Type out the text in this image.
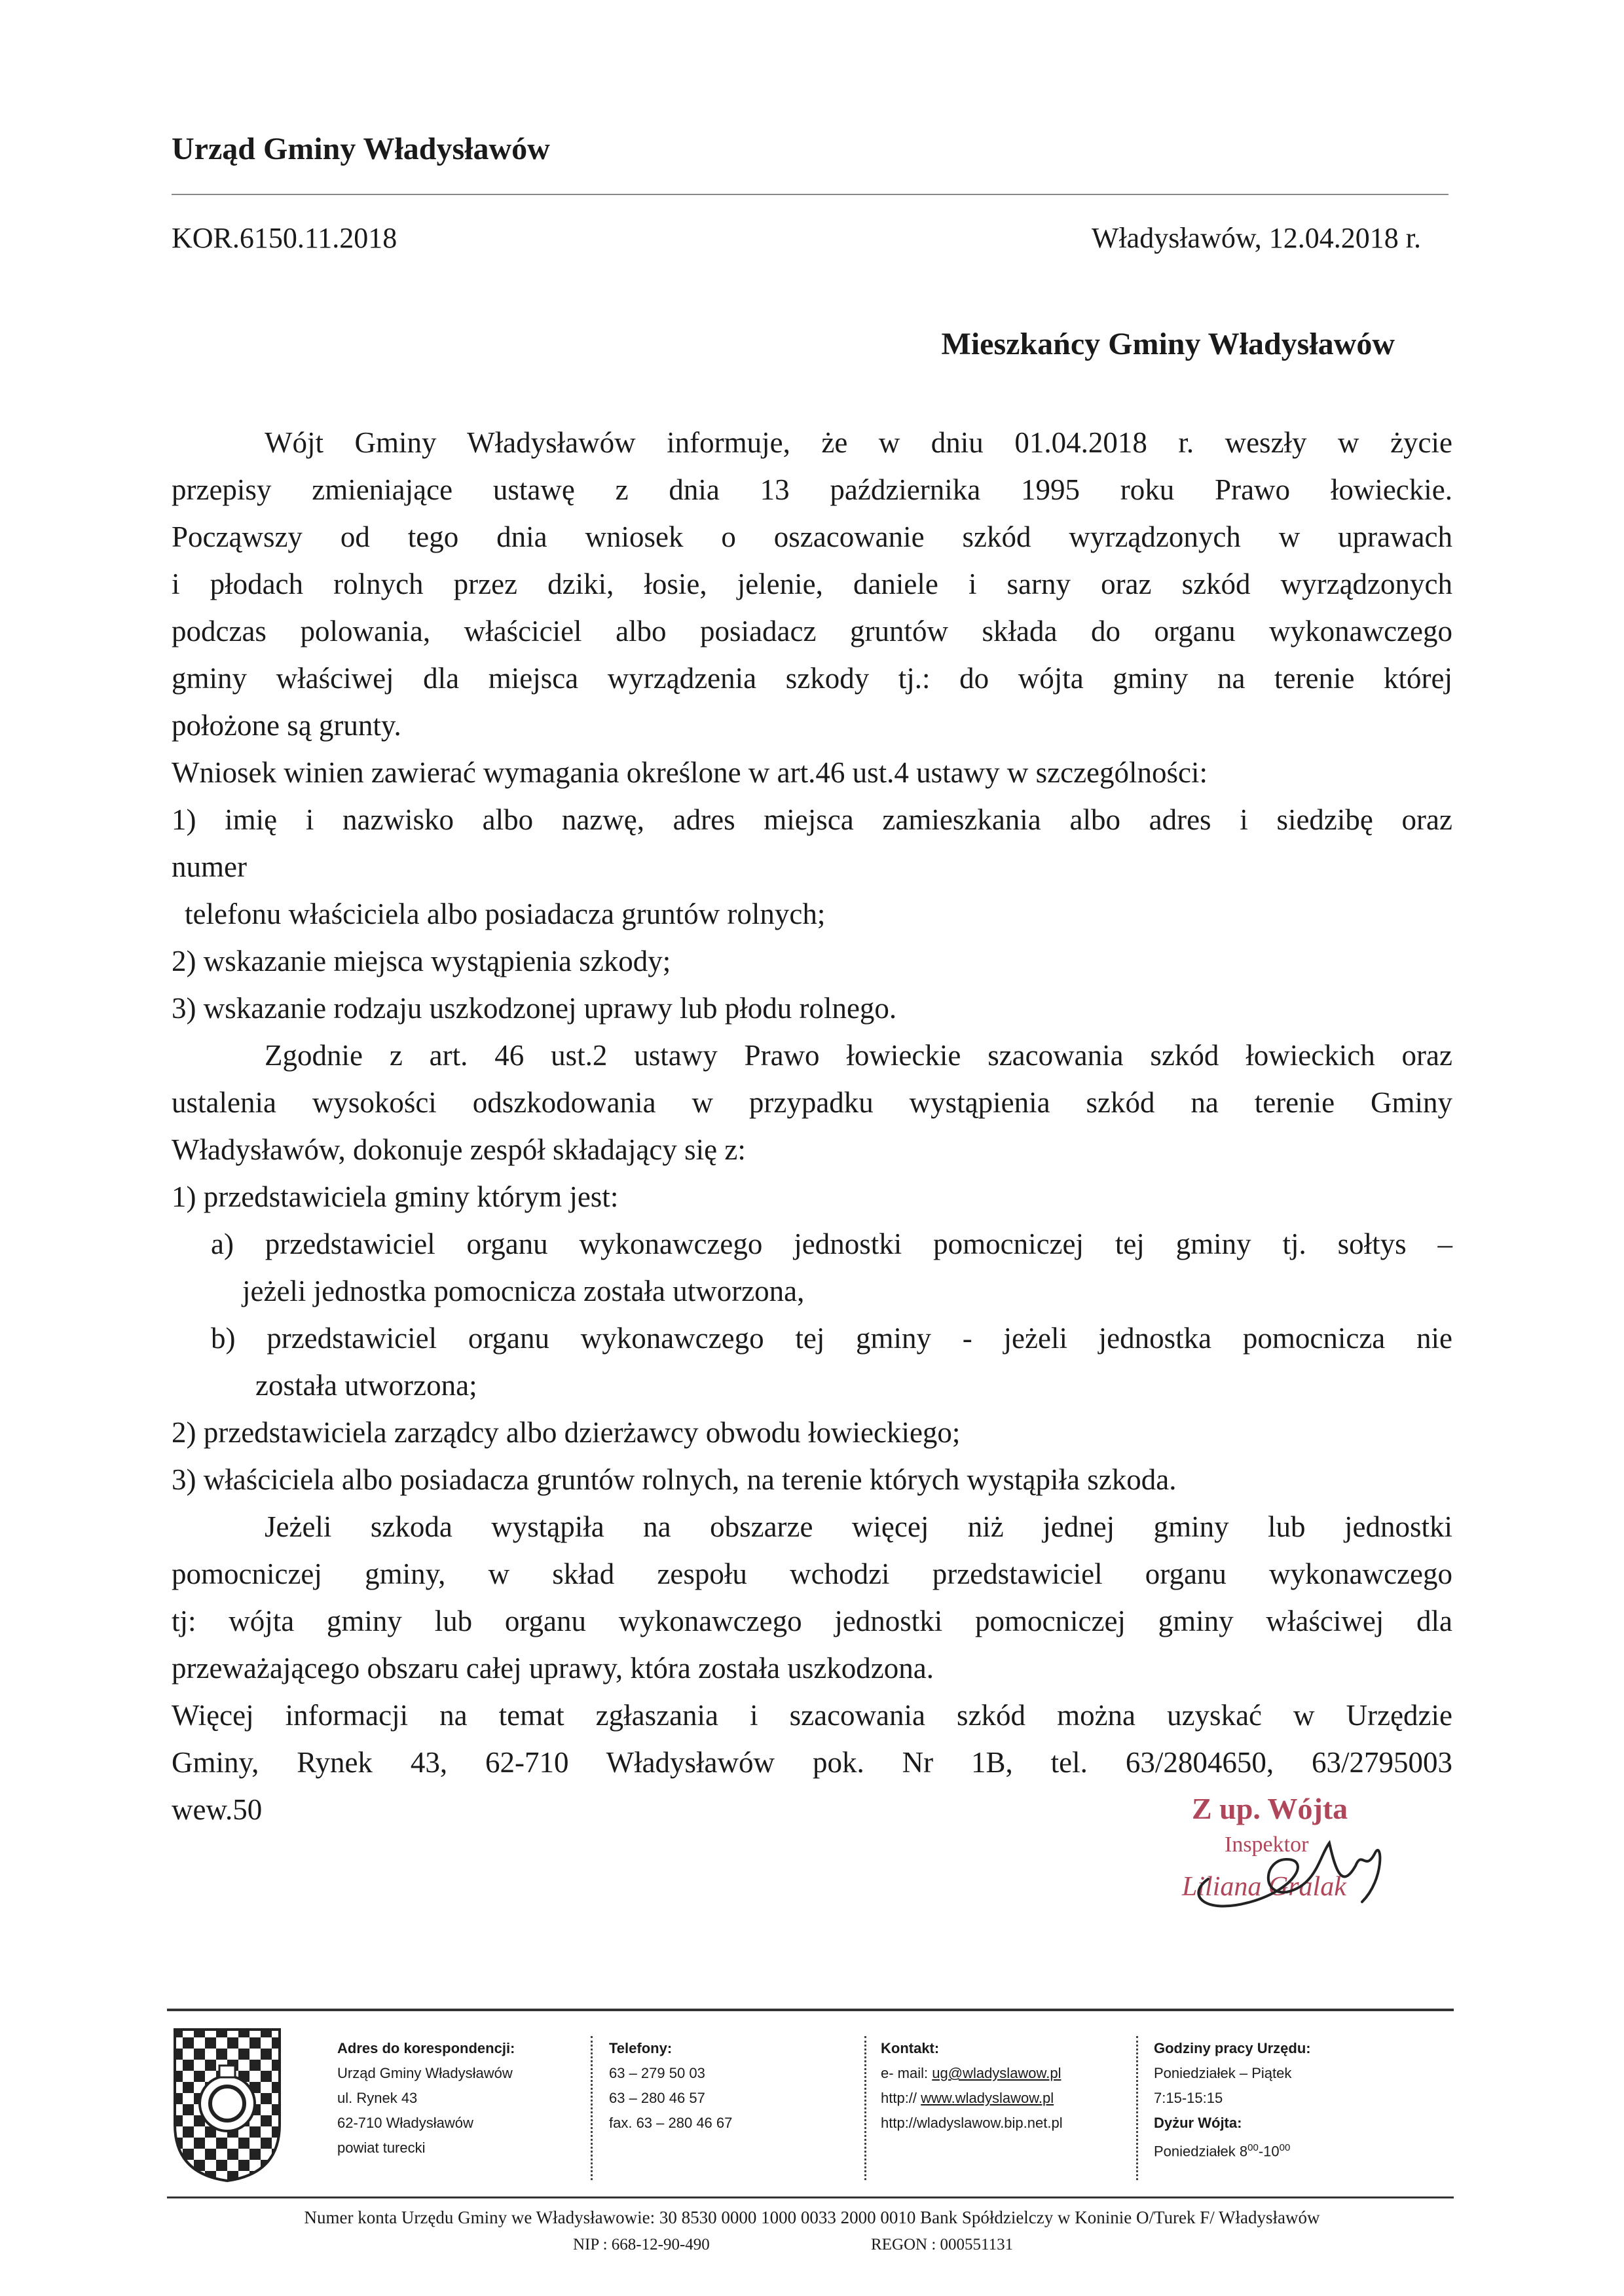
Urząd Gminy Władysławów
KOR.6150.11.2018	Władysławów, 12.04.2018 r.
Mieszkańcy Gminy Władysławów

Wójt Gminy Władysławów informuje, że w dniu 01.04.2018 r. weszły w życie

przepisy zmieniające ustawę z dnia 13 października 1995 roku Prawo łowieckie.

Począwszy od tego dnia wniosek o oszacowanie szkód wyrządzonych w uprawach

i płodach rolnych przez dziki, łosie, jelenie, daniele i sarny oraz szkód wyrządzonych

podczas polowania, właściciel albo posiadacz gruntów składa do organu wykonawczego

gminy właściwej dla miejsca wyrządzenia szkody tj.: do wójta gminy na terenie której

położone są grunty.

Wniosek winien zawierać wymagania określone w art.46 ust.4 ustawy w szczególności:

1) imię i nazwisko albo nazwę, adres miejsca zamieszkania albo adres i siedzibę oraz

numer

telefonu właściciela albo posiadacza gruntów rolnych;

2) wskazanie miejsca wystąpienia szkody;

3) wskazanie rodzaju uszkodzonej uprawy lub płodu rolnego.

Zgodnie z art. 46 ust.2 ustawy Prawo łowieckie szacowania szkód łowieckich oraz

ustalenia wysokości odszkodowania w przypadku wystąpienia szkód na terenie Gminy

Władysławów, dokonuje zespół składający się z:

1) przedstawiciela gminy którym jest:

a) przedstawiciel organu wykonawczego jednostki pomocniczej tej gminy tj. sołtys –

jeżeli jednostka pomocnicza została utworzona,

b) przedstawiciel organu wykonawczego tej gminy - jeżeli jednostka pomocnicza nie

została utworzona;

2) przedstawiciela zarządcy albo dzierżawcy obwodu łowieckiego;

3) właściciela albo posiadacza gruntów rolnych, na terenie których wystąpiła szkoda.

Jeżeli szkoda wystąpiła na obszarze więcej niż jednej gminy lub jednostki

pomocniczej gminy, w skład zespołu wchodzi przedstawiciel organu wykonawczego

tj: wójta gminy lub organu wykonawczego jednostki pomocniczej gminy właściwej dla

przeważającego obszaru całej uprawy, która została uszkodzona.

Więcej informacji na temat zgłaszania i szacowania szkód można uzyskać w Urzędzie

Gminy, Rynek 43, 62-710 Władysławów pok. Nr 1B, tel. 63/2804650, 63/2795003

wew.50	Z up. Wójta
Inspektor
Liliana Gralak
Adres do korespondencji:
Urząd Gminy Władysławów
ul. Rynek 43
62-710 Władysławów
powiat turecki
Telefony:
63 – 279 50 03
63 – 280 46 57
fax. 63 – 280 46 67
Kontakt:
e- mail: ug@wladyslawow.pl
http:// www.wladyslawow.pl
http://wladyslawow.bip.net.pl
Godziny pracy Urzędu:
Poniedziałek – Piątek
7:15-15:15
Dyżur Wójta:
Poniedziałek $8^{00}-10^{00}$
Numer konta Urzędu Gminy we Władysławowie: 30 8530 0000 1000 0033 2000 0010 Bank Spółdzielczy w Koninie O/Turek F/ Władysławów
NIP : 668-12-90-490	REGON : 000551131
